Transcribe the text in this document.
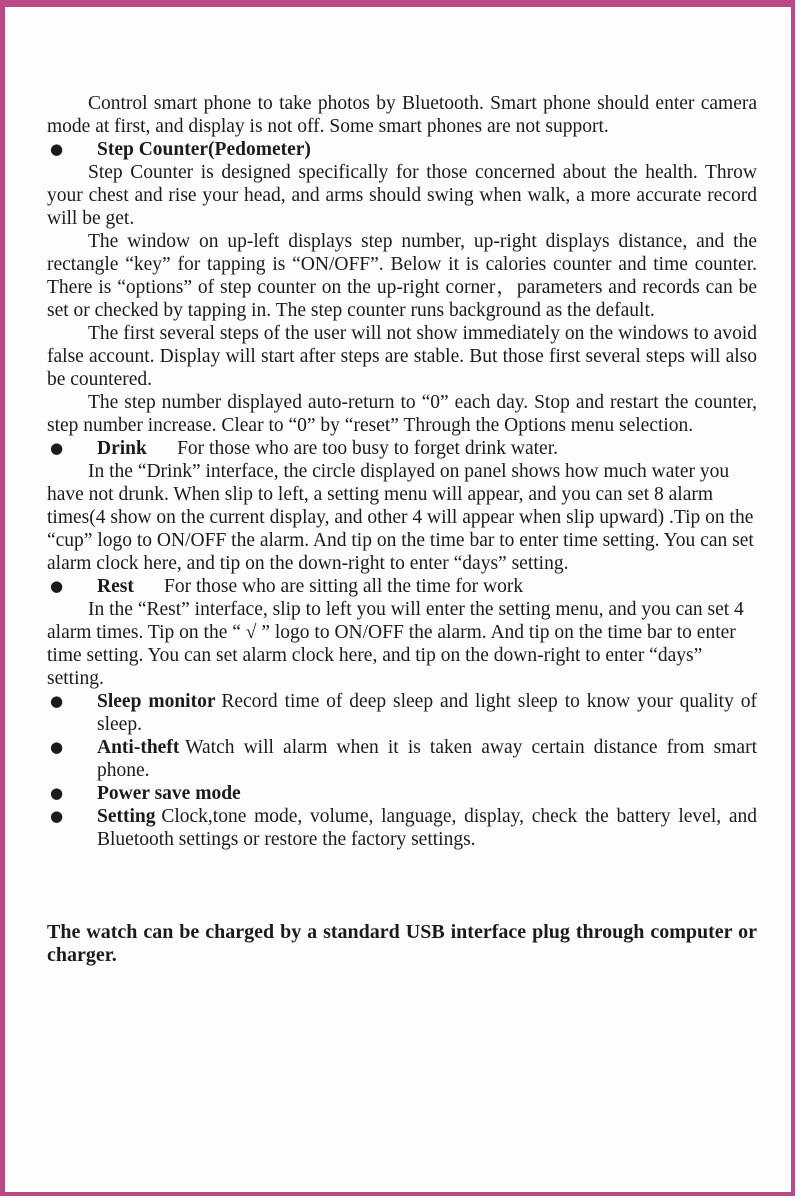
Control smart phone to take photos by Bluetooth. Smart phone should enter camera mode at first, and display is not off. Some smart phones are not support.

● Step Counter(Pedometer)

Step Counter is designed specifically for those concerned about the health. Throw your chest and rise your head, and arms should swing when walk, a more accurate record will be get.

The window on up-left displays step number, up-right displays distance, and the rectangle “key” for tapping is “ON/OFF”. Below it is calories counter and time counter. There is “options” of step counter on the up-right corner，parameters and records can be set or checked by tapping in. The step counter runs background as the default.

The first several steps of the user will not show immediately on the windows to avoid false account. Display will start after steps are stable. But those first several steps will also be countered.

The step number displayed auto-return to “0” each day. Stop and restart the counter, step number increase. Clear to “0” by “reset” Through the Options menu selection.

● Drink For those who are too busy to forget drink water.

In the “Drink” interface, the circle displayed on panel shows how much water you have not drunk. When slip to left, a setting menu will appear, and you can set 8 alarm times(4 show on the current display, and other 4 will appear when slip upward) .Tip on the “cup” logo to ON/OFF the alarm. And tip on the time bar to enter time setting. You can set alarm clock here, and tip on the down-right to enter “days” setting.

● Rest For those who are sitting all the time for work

In the “Rest” interface, slip to left you will enter the setting menu, and you can set 4 alarm times. Tip on the “ √ ” logo to ON/OFF the alarm. And tip on the time bar to enter time setting. You can set alarm clock here, and tip on the down-right to enter “days” setting.

● Sleep monitor Record time of deep sleep and light sleep to know your quality of sleep.
● Anti-theft Watch will alarm when it is taken away certain distance from smart phone.
● Power save mode
● Setting Clock,tone mode, volume, language, display, check the battery level, and Bluetooth settings or restore the factory settings.

The watch can be charged by a standard USB interface plug through computer or charger.
